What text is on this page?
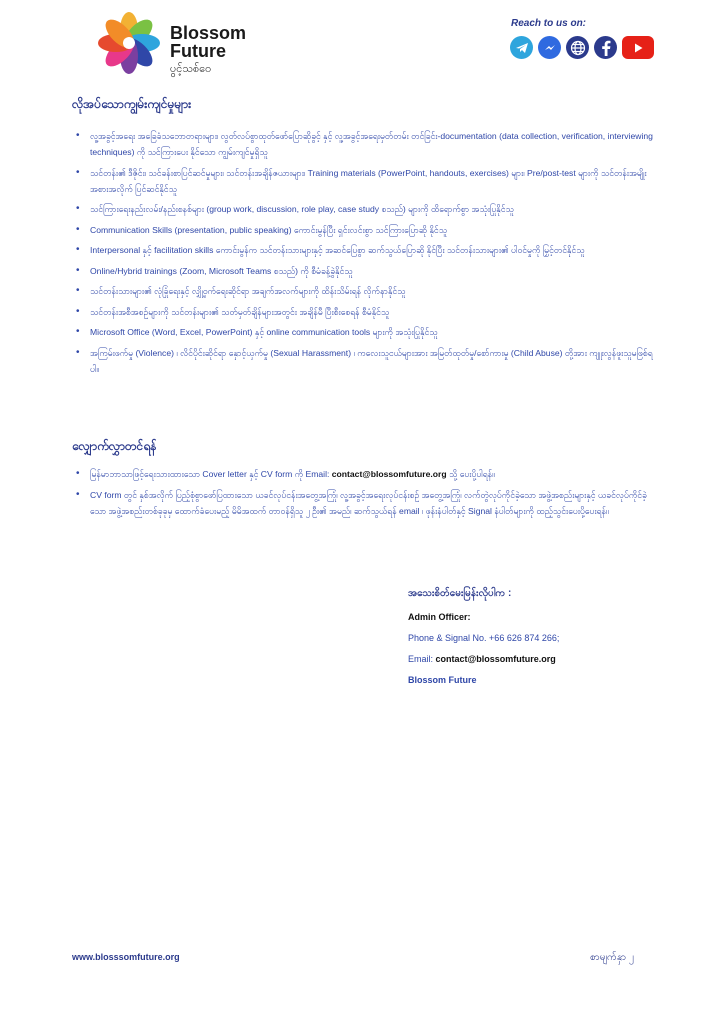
Blossom
Future
ပွင့်သစ်ဝေ
Reach to us on:
လိုအပ်သောကျွမ်းကျင်မှုများ
• လူ့အခွင့်အရေး အခြေခံသဘောတရားများ၊ လွတ်လပ်စွာထုတ်ဖော်ပြောဆိုခွင့် နှင့် လူ့အခွင့်အရေးမှတ်တမ်း တင်ခြင်း-documentation (data collection, verification, interviewing techniques) ကို သင်ကြားပေး နိုင်သော ကျွမ်းကျင်မှုရှိသူ
• သင်တန်း၏ ဒီဇိုင်း၊ သင်ခန်းစာပြင်ဆင်မှုများ၊ သင်တန်းအချိန်ဇယားများ၊ Training materials (PowerPoint, handouts, exercises) များ၊ Pre/post-test များကို သင်တန်းအမျိုးအစားအလိုက် ပြင်ဆင်နိုင်သူ
• သင်ကြားရေးနည်းလမ်း/နည်းစနစ်များ (group work, discussion, role play, case study စသည်) များကို ထိရောက်စွာ အသုံးပြုနိုင်သူ
• Communication Skills (presentation, public speaking) ကောင်းမွန်ပြီး ရှင်းလင်းစွာ သင်ကြားပြောဆို နိုင်သူ
• Interpersonal နှင့် facilitation skills ကောင်းမွန်က သင်တန်းသားများနှင့် အဆင်ပြေစွာ ဆက်သွယ်ပြောဆို နိုင်ပြီး သင်တန်းသားများ၏ ပါဝင်မှုကို မြှင့်တင်နိုင်သူ
• Online/Hybrid trainings (Zoom, Microsoft Teams စသည်) ကို စီမံခန့်ခွဲနိုင်သူ
• သင်တန်းသားများ၏ လုံခြုံရေးနှင့် လျှို့ဝှက်ရေးဆိုင်ရာ အချက်အလက်များကို ထိန်းသိမ်းရန် လိုက်နာနိုင်သူ
• သင်တန်းအစီအစဉ်များကို သင်တန်းများ၏ သတ်မှတ်ချိန်များအတွင်း အချိန်မီ ပြီးစီးစေရန် စီမံနိုင်သူ
• Microsoft Office (Word, Excel, PowerPoint) နှင့် online communication tools များကို အသုံးပြုနိုင်သူ
• အကြမ်းဖက်မှု (Violence) ၊ လိင်ပိုင်းဆိုင်ရာ နှောင့်ယှက်မှု (Sexual Harassment) ၊ ကလေးသူငယ်များအား အမြတ်ထုတ်မှု/စော်ကားမှု (Child Abuse) တို့အား ကျူးလွန်ဖူးသူမဖြစ်ရပါ။
လျှောက်လွှာတင်ရန်
• မြန်မာဘာသာဖြင့်ရေးသားထားသော Cover letter နှင့် CV form ကို Email: contact@blossomfuture.org သို့ ပေးပို့ပါရန်။
• CV form တွင် နှစ်အလိုက် ပြည့်စုံစွာဖော်ပြထားသော ယခင်လုပ်ငန်းအတွေ့အကြုံ၊ လူ့အခွင့်အရေးလုပ်ငန်းစဉ် အတွေ့အကြုံ၊ လက်တွဲလုပ်ကိုင်ခဲ့သော အဖွဲ့အစည်းများနှင့် ယခင်လုပ်ကိုင်ခဲ့သော အဖွဲ့အစည်းတစ်ခုခုမှ ထောက်ခံပေးမည့် မိမိအထက် တာဝန်ရှိသူ ၂ ဦး၏ အမည်၊ ဆက်သွယ်ရန် email ၊ ဖုန်းနံပါတ်နှင့် Signal နံပါတ်များကို ထည့်သွင်းပေးပို့ပေးရန်။
အသေးစိတ်မေးမြန်းလိုပါက :
Admin Officer:
Phone & Signal No. +66 626 874 266;
Email: contact@blossomfuture.org
Blossom Future
www.blosssomfuture.org	စာမျက်နှာ ၂
